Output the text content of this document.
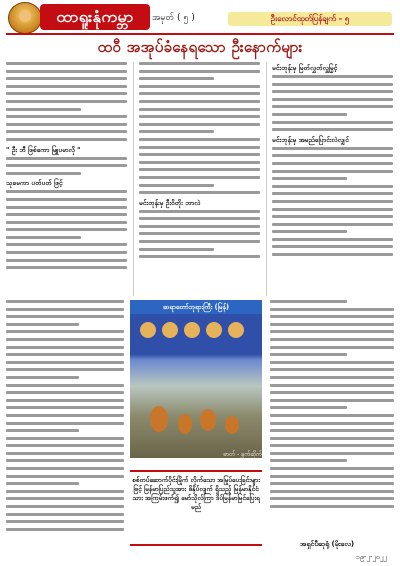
ထာရူးနုံကမ္ဘာ	အမှတ် ( ၅ )	ဦးလောင်ထုတ်ပြန်ချက် - ၅
ထဝီ အအုပ်ခံနေရသော ဦးနောက်များ
" ဦး ဘီ ဖြစ်ကော မြူပမာလို "
သုခမကာ ပတ်ပတ် ဖြင့်
မင်းတုန်းမှ ဦးဝိတိုး ဘာလဲ
မင်းတုန်းမှ မြတ်လွှတ်လှူမြှင့်
မင်းဘုန်းမှ အမည်ပြောင်းလဲလျှင်
ဆရာတော်ဘုရားကြီး (မြန်)
ဓာတ် - ခွက်ဆိုက်
စစ်တပ်ဆောက်ပိုင်းမြိုက် လိုက်သော အမြုပ်ပေးခြင်းများဖြင့် မြန်မာပြည်သူအား ဖိနှိပ်လျက် ရှိသည့် မြန်မာနိုင်ငံသား အကြမ်းဖက်၍ မော်သိုလ်ကြာ ဒိပ်မြန်မာမြင်ပြေးရမည်
အရှင်ပီဆုရုံ (မိုးလေ)
၁၉-၂-၂၀၂၂
